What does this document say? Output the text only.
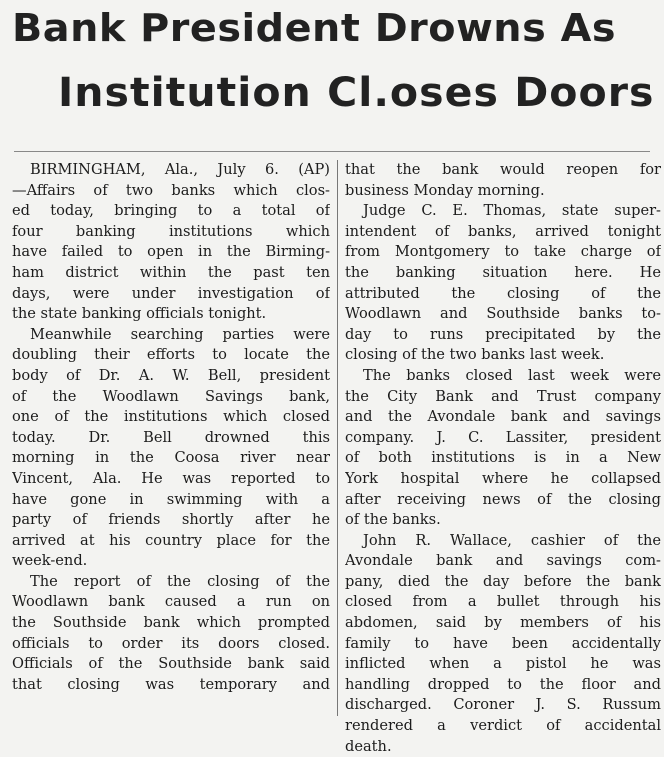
Bank President Drowns As
Institution Cl.oses Doors
BIRMINGHAM, Ala., July 6. (AP)
—Affairs of two banks which clos-
ed today, bringing to a total of
four banking institutions which
have failed to open in the Birming-
ham district within the past ten
days, were under investigation of
the state banking officials tonight.
Meanwhile searching parties were
doubling their efforts to locate the
body of Dr. A. W. Bell, president
of the Woodlawn Savings bank,
one of the institutions which closed
today. Dr. Bell drowned this
morning in the Coosa river near
Vincent, Ala. He was reported to
have gone in swimming with a
party of friends shortly after he
arrived at his country place for the
week-end.
The report of the closing of the
Woodlawn bank caused a run on
the Southside bank which prompted
officials to order its doors closed.
Officials of the Southside bank said
that closing was temporary and
that the bank would reopen for
business Monday morning.
Judge C. E. Thomas, state super-
intendent of banks, arrived tonight
from Montgomery to take charge of
the banking situation here. He
attributed the closing of the
Woodlawn and Southside banks to-
day to runs precipitated by the
closing of the two banks last week.
The banks closed last week were
the City Bank and Trust company
and the Avondale bank and savings
company. J. C. Lassiter, president
of both institutions is in a New
York hospital where he collapsed
after receiving news of the closing
of the banks.
John R. Wallace, cashier of the
Avondale bank and savings com-
pany, died the day before the bank
closed from a bullet through his
abdomen, said by members of his
family to have been accidentally
inflicted when a pistol he was
handling dropped to the floor and
discharged. Coroner J. S. Russum
rendered a verdict of accidental
death.
